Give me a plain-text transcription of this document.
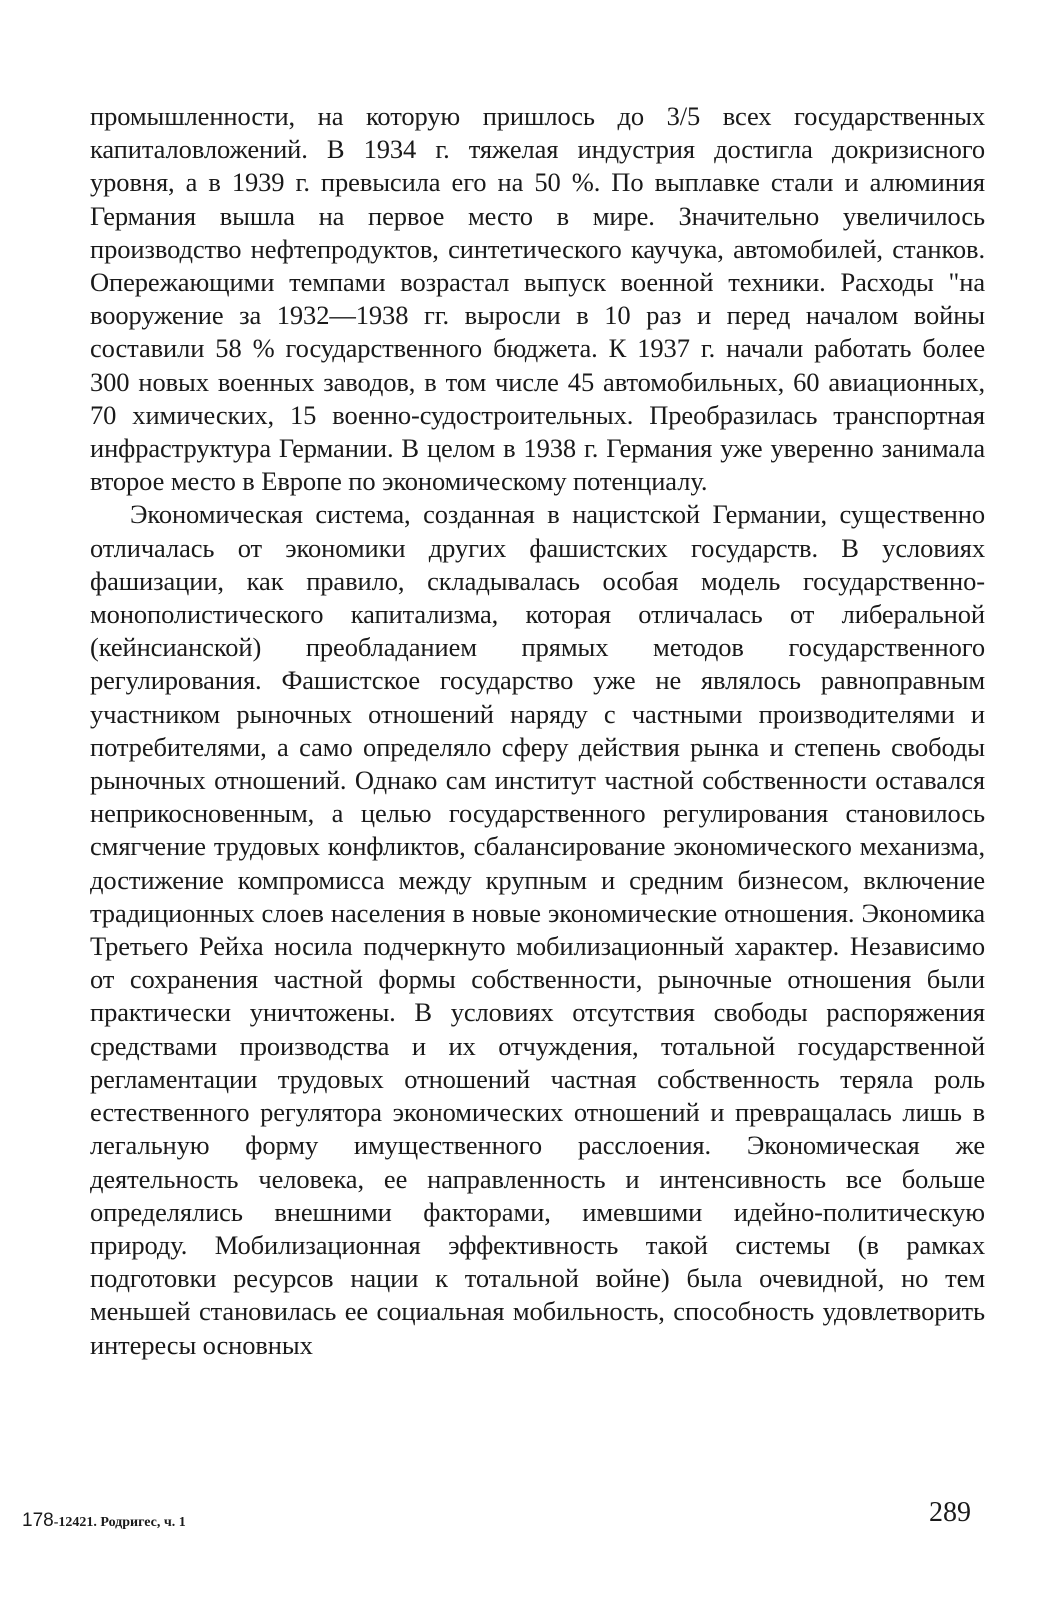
промышленности, на которую пришлось до 3/5 всех государственных капиталовложений. В 1934 г. тяжелая индустрия достигла докризисного уровня, а в 1939 г. превысила его на 50 %. По выплавке стали и алюминия Германия вышла на первое место в мире. Значительно увеличилось производство нефтепродуктов, синтетического каучука, автомобилей, станков. Опережающими темпами возрастал выпуск военной техники. Расходы "на вооружение за 1932—1938 гг. выросли в 10 раз и перед началом войны составили 58 % государственного бюджета. К 1937 г. начали работать более 300 новых военных заводов, в том числе 45 автомобильных, 60 авиационных, 70 химических, 15 военно-судостроительных. Преобразилась транспортная инфраструктура Германии. В целом в 1938 г. Германия уже уверенно занимала второе место в Европе по экономическому потенциалу.

Экономическая система, созданная в нацистской Германии, существенно отличалась от экономики других фашистских государств. В условиях фашизации, как правило, складывалась особая модель государственно-монополистического капитализма, которая отличалась от либеральной (кейнсианской) преобладанием прямых методов государственного регулирования. Фашистское государство уже не являлось равноправным участником рыночных отношений наряду с частными производителями и потребителями, а само определяло сферу действия рынка и степень свободы рыночных отношений. Однако сам институт частной собственности оставался неприкосновенным, а целью государственного регулирования становилось смягчение трудовых конфликтов, сбалансирование экономического механизма, достижение компромисса между крупным и средним бизнесом, включение традиционных слоев населения в новые экономические отношения. Экономика Третьего Рейха носила подчеркнуто мобилизационный характер. Независимо от сохранения частной формы собственности, рыночные отношения были практически уничтожены. В условиях отсутствия свободы распоряжения средствами производства и их отчуждения, тотальной государственной регламентации трудовых отношений частная собственность теряла роль естественного регулятора экономических отношений и превращалась лишь в легальную форму имущественного расслоения. Экономическая же деятельность человека, ее направленность и интенсивность все больше определялись внешними факторами, имевшими идейно-политическую природу. Мобилизационная эффективность такой системы (в рамках подготовки ресурсов нации к тотальной войне) была очевидной, но тем меньшей становилась ее социальная мобильность, способность удовлетворить интересы основных

178-12421. Родригес, ч. 1	289
